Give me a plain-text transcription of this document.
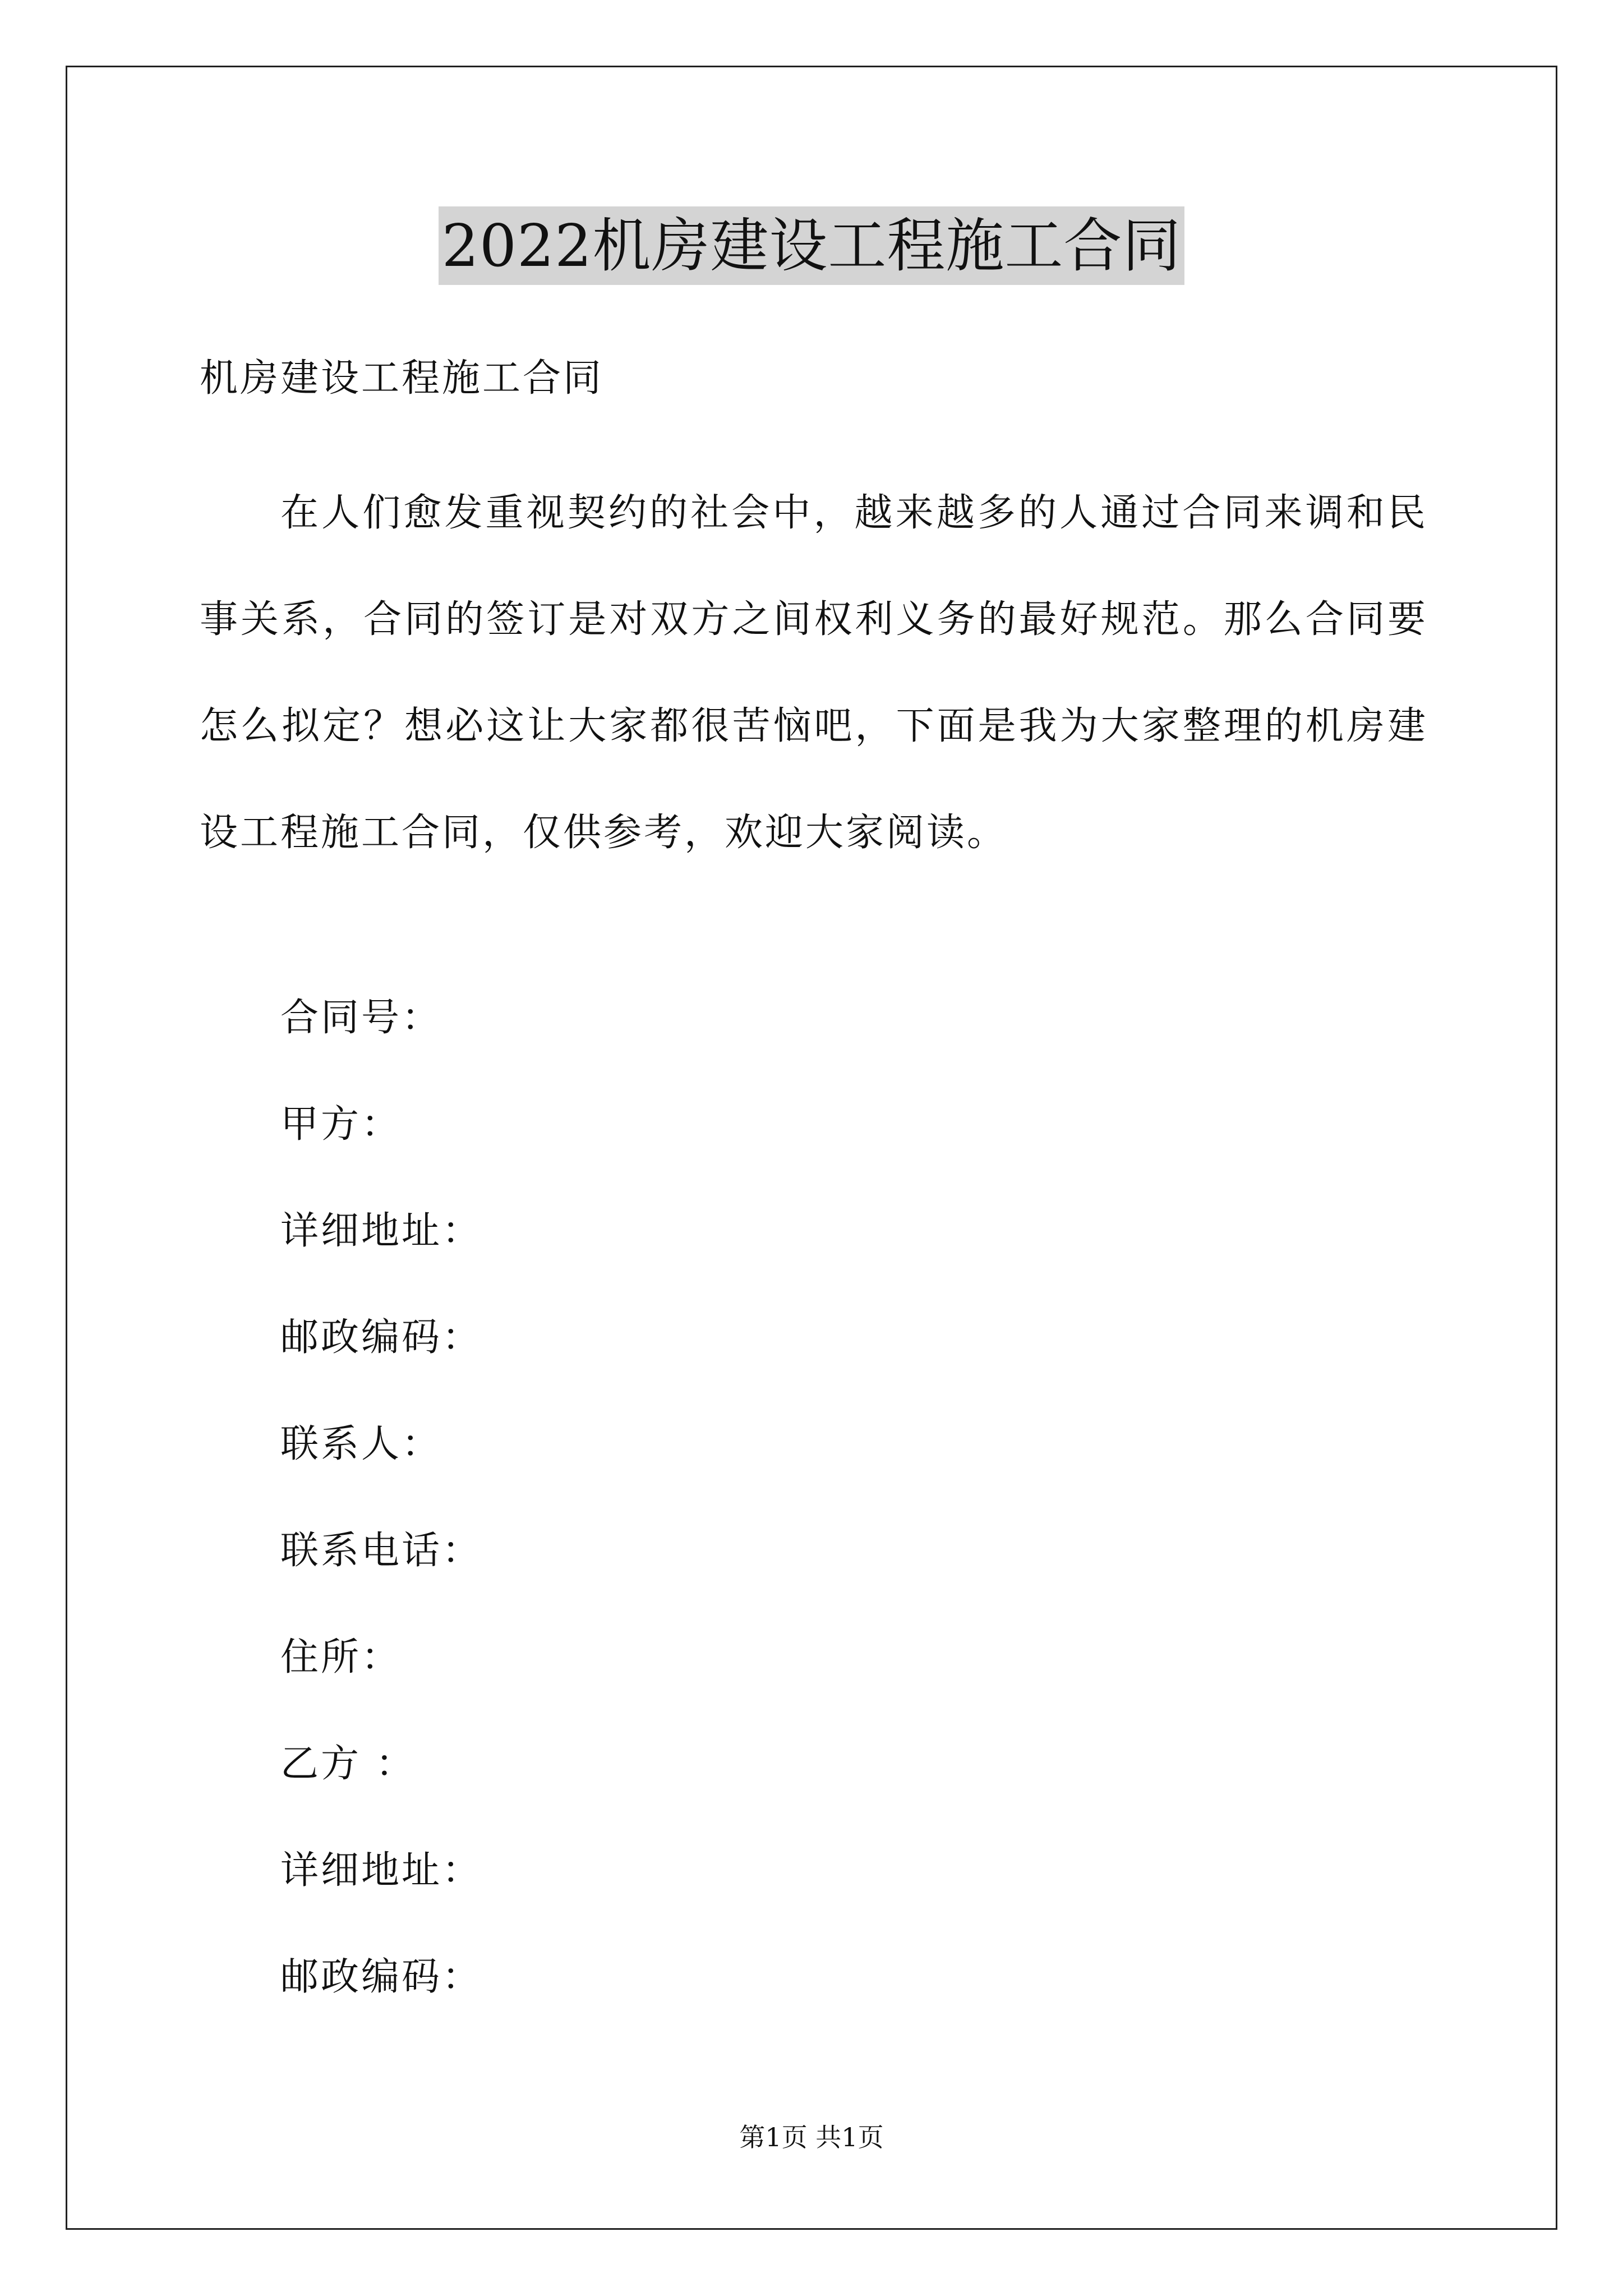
2022机房建设工程施工合同
机房建设工程施工合同
在人们愈发重视契约的社会中，越来越多的人通过合同来调和民事关系，合同的签订是对双方之间权利义务的最好规范。那么合同要怎么拟定？想必这让大家都很苦恼吧，下面是我为大家整理的机房建设工程施工合同，仅供参考，欢迎大家阅读。
合同号：
甲方：
详细地址：
邮政编码：
联系人：
联系电话：
住所：
乙方 ：
详细地址：
邮政编码：
第1页 共1页
